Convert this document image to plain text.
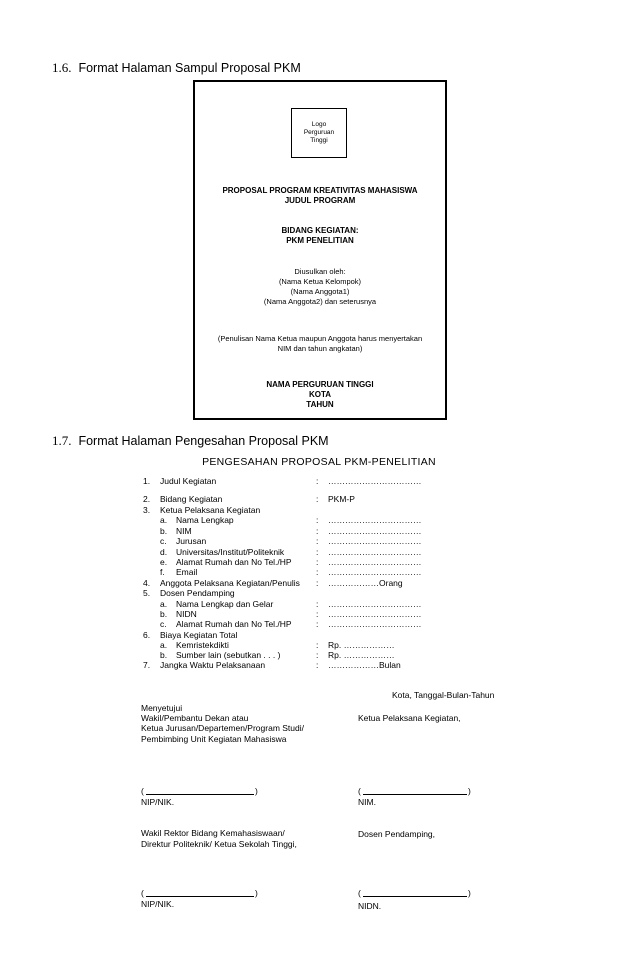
1.6. Format Halaman Sampul Proposal PKM
Logo
Perguruan
Tinggi
PROPOSAL PROGRAM KREATIVITAS MAHASISWA
JUDUL PROGRAM
BIDANG KEGIATAN:
PKM PENELITIAN
Diusulkan oleh:
(Nama Ketua Kelompok)
(Nama Anggota1)
(Nama Anggota2) dan seterusnya
(Penulisan Nama Ketua maupun Anggota harus menyertakan
NIM dan tahun angkatan)
NAMA PERGURUAN TINGGI
KOTA
TAHUN
1.7. Format Halaman Pengesahan Proposal PKM
PENGESAHAN PROPOSAL PKM-PENELITIAN
1. Judul Kegiatan	: ……………………………
2. Bidang Kegiatan	: PKM-P
3. Ketua Pelaksana Kegiatan
a. Nama Lengkap	: ……………………………
b. NIM	: ……………………………
c. Jurusan	: ……………………………
d. Universitas/Institut/Politeknik	: ……………………………
e. Alamat Rumah dan No Tel./HP	: ……………………………
f. Email	: ……………………………
4. Anggota Pelaksana Kegiatan/Penulis : ………………Orang
5. Dosen Pendamping
a. Nama Lengkap dan Gelar	: ……………………………
b. NIDN	: ……………………………
c. Alamat Rumah dan No Tel./HP	: ……………………………
6. Biaya Kegiatan Total
a. Kemristekdikti	: Rp. ………………
b. Sumber lain (sebutkan . . . )	: Rp. ………………
7. Jangka Waktu Pelaksanaan	: ………………Bulan
Kota, Tanggal-Bulan-Tahun
Menyetujui
Wakil/Pembantu Dekan atau
Ketua Jurusan/Departemen/Program Studi/
Pembimbing Unit Kegiatan Mahasiswa
Ketua Pelaksana Kegiatan,
(	)
NIP/NIK.
(	)
NIM.
Wakil Rektor Bidang Kemahasiswaan/
Direktur Politeknik/ Ketua Sekolah Tinggi,
Dosen Pendamping,
(	)
NIP/NIK.
(	)
NIDN.
